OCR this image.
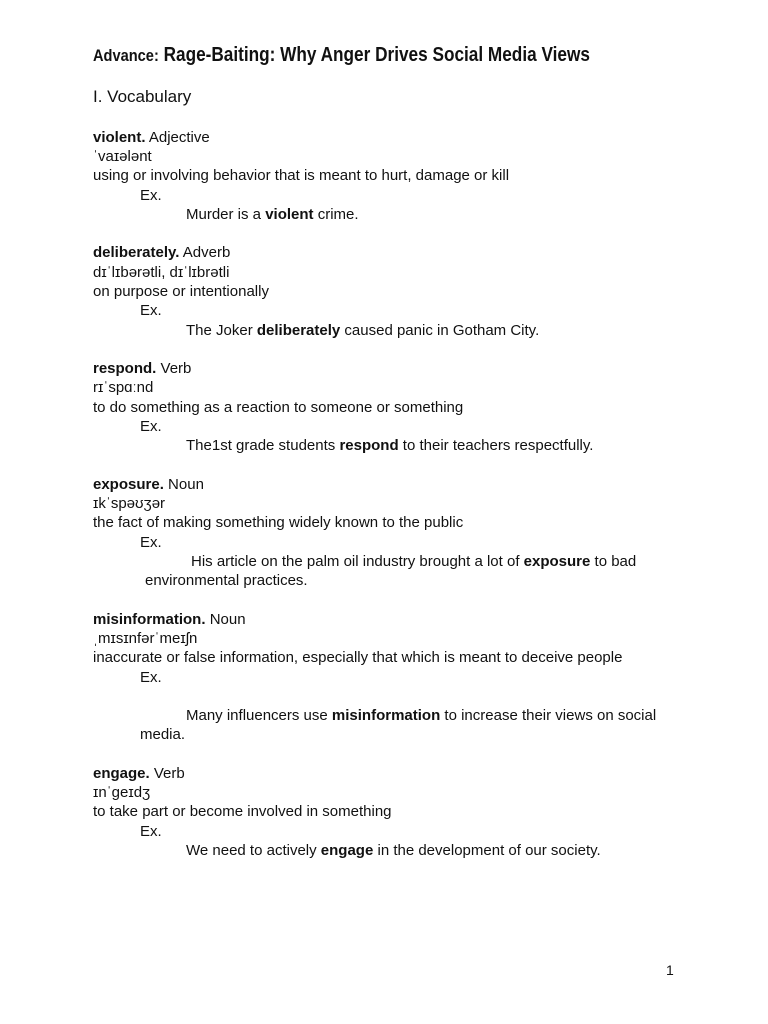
Advance: Rage-Baiting: Why Anger Drives Social Media Views
I. Vocabulary
violent. Adjective
ˈvaɪələnt
using or involving behavior that is meant to hurt, damage or kill
Ex.
Murder is a violent crime.
deliberately. Adverb
dɪˈlɪbərətli, dɪˈlɪbrətli
on purpose or intentionally
Ex.
The Joker deliberately caused panic in Gotham City.
respond. Verb
rɪˈspɑːnd
to do something as a reaction to someone or something
Ex.
The1st grade students respond to their teachers respectfully.
exposure. Noun
ɪkˈspəʊʒər
the fact of making something widely known to the public
Ex.
His article on the palm oil industry brought a lot of exposure to bad
environmental practices.
misinformation. Noun
ˌmɪsɪnfərˈmeɪʃn
inaccurate or false information, especially that which is meant to deceive people
Ex.
Many influencers use misinformation to increase their views on social
media.
engage. Verb
ɪnˈɡeɪdʒ
to take part or become involved in something
Ex.
We need to actively engage in the development of our society.
1
